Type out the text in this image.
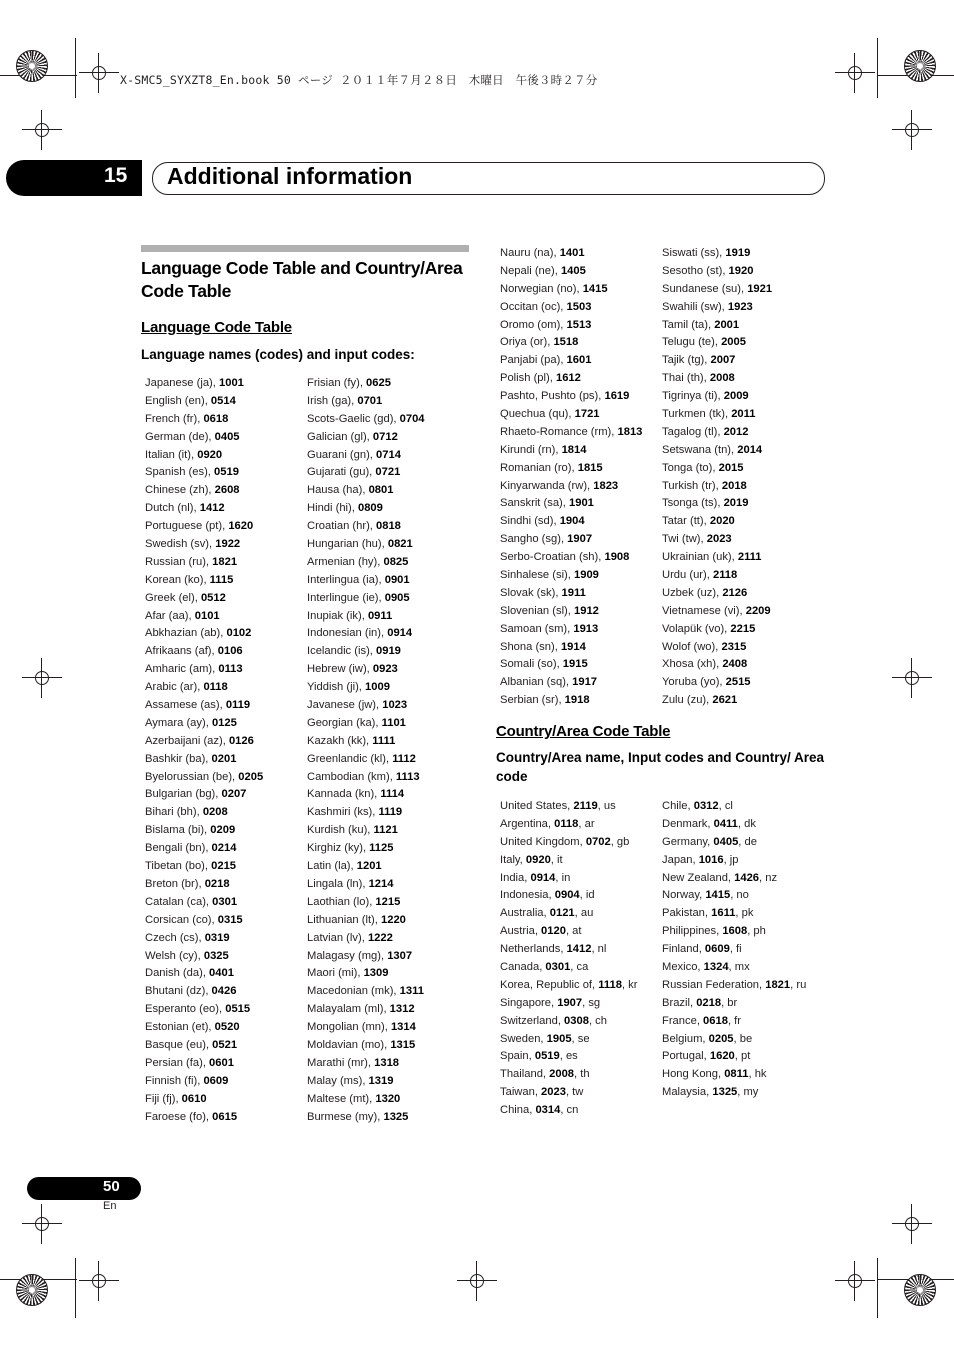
X-SMC5_SYXZT8_En.book 50 ページ ２０１１年７月２８日　木曜日　午後３時２７分
15 Additional information
Language Code Table and Country/Area Code Table
Language Code Table
Language names (codes) and input codes:
Japanese (ja), 1001
English (en), 0514
French (fr), 0618
German (de), 0405
Italian (it), 0920
Spanish (es), 0519
Chinese (zh), 2608
Dutch (nl), 1412
Portuguese (pt), 1620
Swedish (sv), 1922
Russian (ru), 1821
Korean (ko), 1115
Greek (el), 0512
Afar (aa), 0101
Abkhazian (ab), 0102
Afrikaans (af), 0106
Amharic (am), 0113
Arabic (ar), 0118
Assamese (as), 0119
Aymara (ay), 0125
Azerbaijani (az), 0126
Bashkir (ba), 0201
Byelorussian (be), 0205
Bulgarian (bg), 0207
Bihari (bh), 0208
Bislama (bi), 0209
Bengali (bn), 0214
Tibetan (bo), 0215
Breton (br), 0218
Catalan (ca), 0301
Corsican (co), 0315
Czech (cs), 0319
Welsh (cy), 0325
Danish (da), 0401
Bhutani (dz), 0426
Esperanto (eo), 0515
Estonian (et), 0520
Basque (eu), 0521
Persian (fa), 0601
Finnish (fi), 0609
Fiji (fj), 0610
Faroese (fo), 0615
Frisian (fy), 0625
Irish (ga), 0701
Scots-Gaelic (gd), 0704
Galician (gl), 0712
Guarani (gn), 0714
Gujarati (gu), 0721
Hausa (ha), 0801
Hindi (hi), 0809
Croatian (hr), 0818
Hungarian (hu), 0821
Armenian (hy), 0825
Interlingua (ia), 0901
Interlingue (ie), 0905
Inupiak (ik), 0911
Indonesian (in), 0914
Icelandic (is), 0919
Hebrew (iw), 0923
Yiddish (ji), 1009
Javanese (jw), 1023
Georgian (ka), 1101
Kazakh (kk), 1111
Greenlandic (kl), 1112
Cambodian (km), 1113
Kannada (kn), 1114
Kashmiri (ks), 1119
Kurdish (ku), 1121
Kirghiz (ky), 1125
Latin (la), 1201
Lingala (ln), 1214
Laothian (lo), 1215
Lithuanian (lt), 1220
Latvian (lv), 1222
Malagasy (mg), 1307
Maori (mi), 1309
Macedonian (mk), 1311
Malayalam (ml), 1312
Mongolian (mn), 1314
Moldavian (mo), 1315
Marathi (mr), 1318
Malay (ms), 1319
Maltese (mt), 1320
Burmese (my), 1325
Nauru (na), 1401
Nepali (ne), 1405
Norwegian (no), 1415
Occitan (oc), 1503
Oromo (om), 1513
Oriya (or), 1518
Panjabi (pa), 1601
Polish (pl), 1612
Pashto, Pushto (ps), 1619
Quechua (qu), 1721
Rhaeto-Romance (rm), 1813
Kirundi (rn), 1814
Romanian (ro), 1815
Kinyarwanda (rw), 1823
Sanskrit (sa), 1901
Sindhi (sd), 1904
Sangho (sg), 1907
Serbo-Croatian (sh), 1908
Sinhalese (si), 1909
Slovak (sk), 1911
Slovenian (sl), 1912
Samoan (sm), 1913
Shona (sn), 1914
Somali (so), 1915
Albanian (sq), 1917
Serbian (sr), 1918
Siswati (ss), 1919
Sesotho (st), 1920
Sundanese (su), 1921
Swahili (sw), 1923
Tamil (ta), 2001
Telugu (te), 2005
Tajik (tg), 2007
Thai (th), 2008
Tigrinya (ti), 2009
Turkmen (tk), 2011
Tagalog (tl), 2012
Setswana (tn), 2014
Tonga (to), 2015
Turkish (tr), 2018
Tsonga (ts), 2019
Tatar (tt), 2020
Twi (tw), 2023
Ukrainian (uk), 2111
Urdu (ur), 2118
Uzbek (uz), 2126
Vietnamese (vi), 2209
Volapük (vo), 2215
Wolof (wo), 2315
Xhosa (xh), 2408
Yoruba (yo), 2515
Zulu (zu), 2621
Country/Area Code Table
Country/Area name, Input codes and Country/ Area code
United States, 2119, us
Argentina, 0118, ar
United Kingdom, 0702, gb
Italy, 0920, it
India, 0914, in
Indonesia, 0904, id
Australia, 0121, au
Austria, 0120, at
Netherlands, 1412, nl
Canada, 0301, ca
Korea, Republic of, 1118, kr
Singapore, 1907, sg
Switzerland, 0308, ch
Sweden, 1905, se
Spain, 0519, es
Thailand, 2008, th
Taiwan, 2023, tw
China, 0314, cn
Chile, 0312, cl
Denmark, 0411, dk
Germany, 0405, de
Japan, 1016, jp
New Zealand, 1426, nz
Norway, 1415, no
Pakistan, 1611, pk
Philippines, 1608, ph
Finland, 0609, fi
Mexico, 1324, mx
Russian Federation, 1821, ru
Brazil, 0218, br
France, 0618, fr
Belgium, 0205, be
Portugal, 1620, pt
Hong Kong, 0811, hk
Malaysia, 1325, my
50
En
